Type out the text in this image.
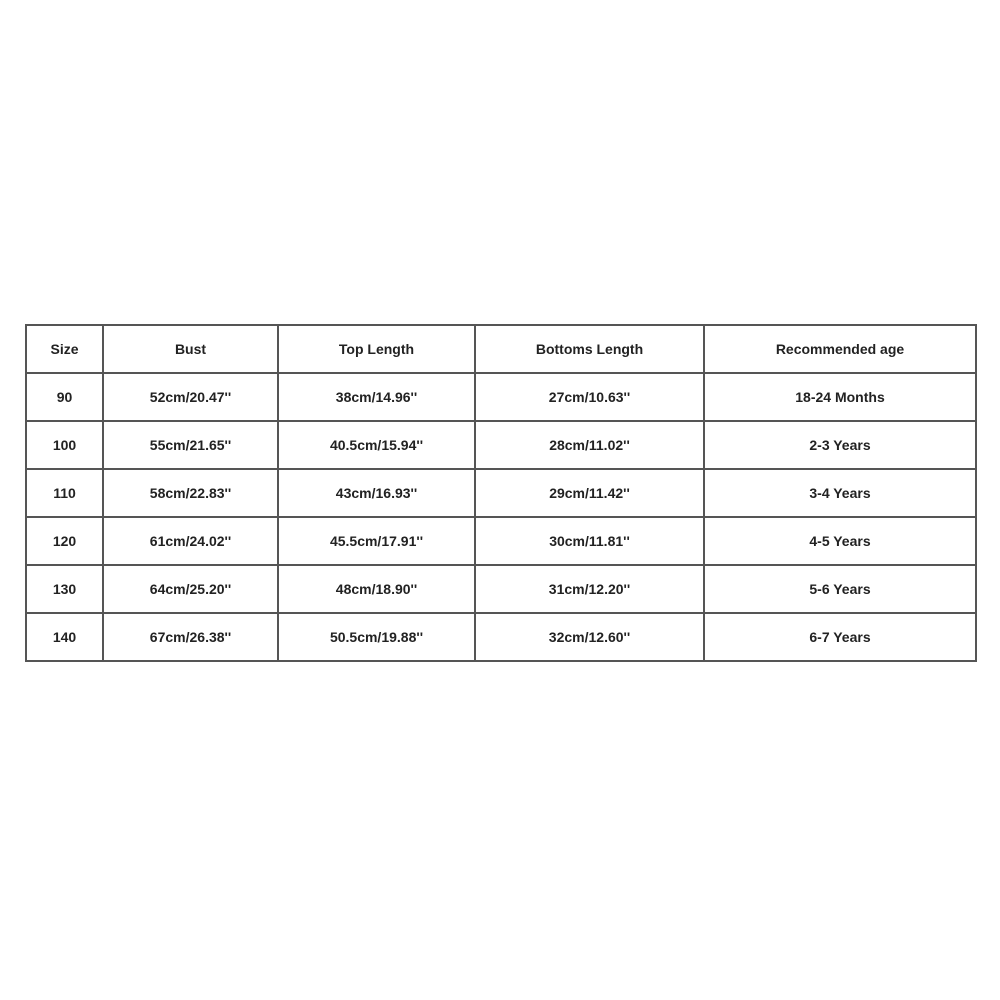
Size	Bust	Top Length	Bottoms Length	Recommended age
90	52cm/20.47''	38cm/14.96''	27cm/10.63''	18-24 Months
100	55cm/21.65''	40.5cm/15.94''	28cm/11.02''	2-3 Years
110	58cm/22.83''	43cm/16.93''	29cm/11.42''	3-4 Years
120	61cm/24.02''	45.5cm/17.91''	30cm/11.81''	4-5 Years
130	64cm/25.20''	48cm/18.90''	31cm/12.20''	5-6 Years
140	67cm/26.38''	50.5cm/19.88''	32cm/12.60''	6-7 Years
